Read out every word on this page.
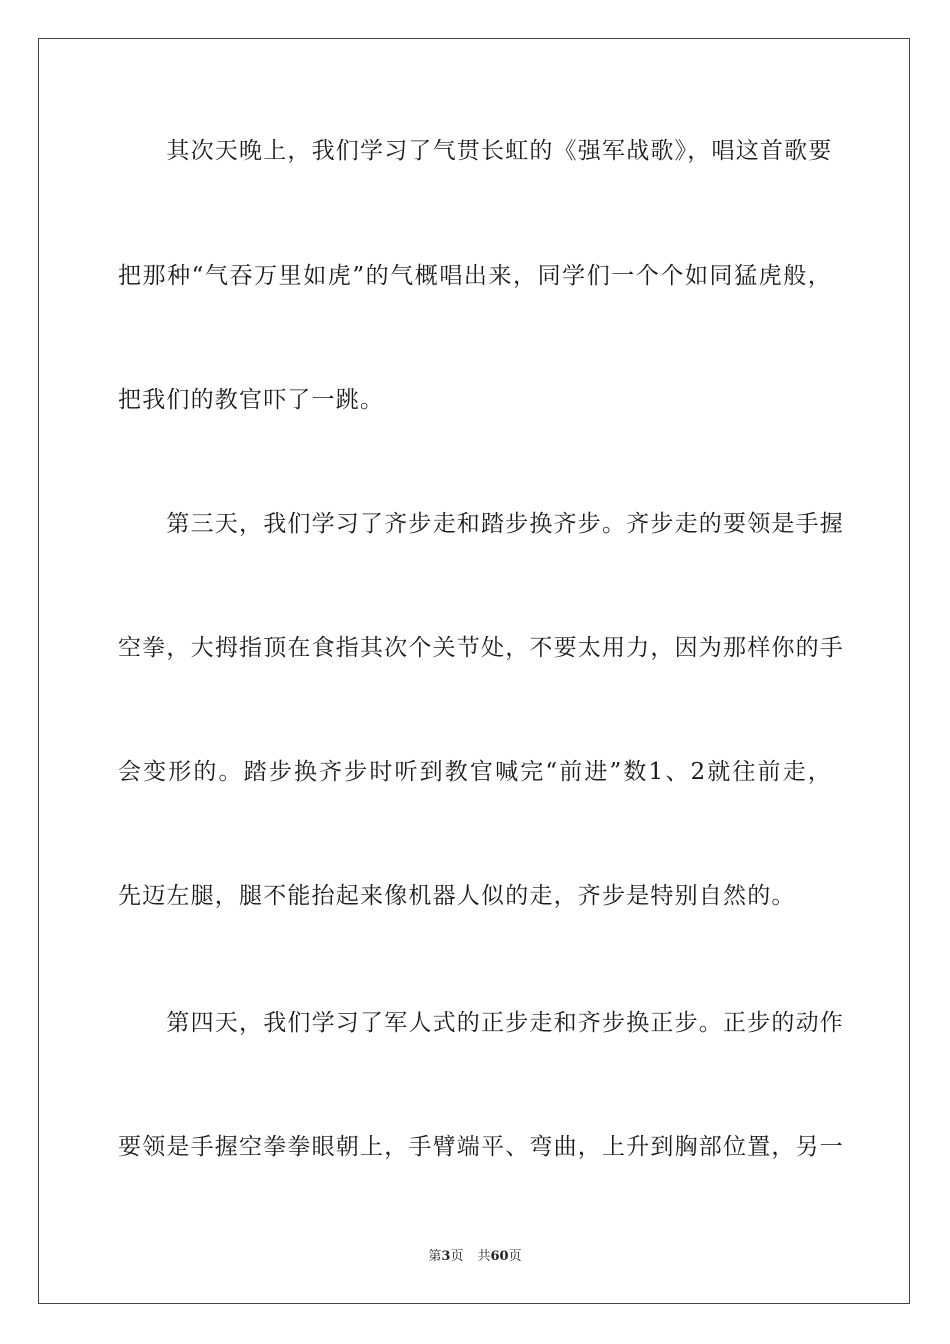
　　其次天晚上，我们学习了气贯长虹的《强军战歌》，唱这首歌要
把那种“气吞万里如虎”的气概唱出来，同学们一个个如同猛虎般，
把我们的教官吓了一跳。
　　第三天，我们学习了齐步走和踏步换齐步。齐步走的要领是手握
空拳，大拇指顶在食指其次个关节处，不要太用力，因为那样你的手
会变形的。踏步换齐步时听到教官喊完“前进”数1、2就往前走，
先迈左腿，腿不能抬起来像机器人似的走，齐步是特别自然的。
　　第四天，我们学习了军人式的正步走和齐步换正步。正步的动作
要领是手握空拳拳眼朝上，手臂端平、弯曲，上升到胸部位置，另一
第3页 共60页
